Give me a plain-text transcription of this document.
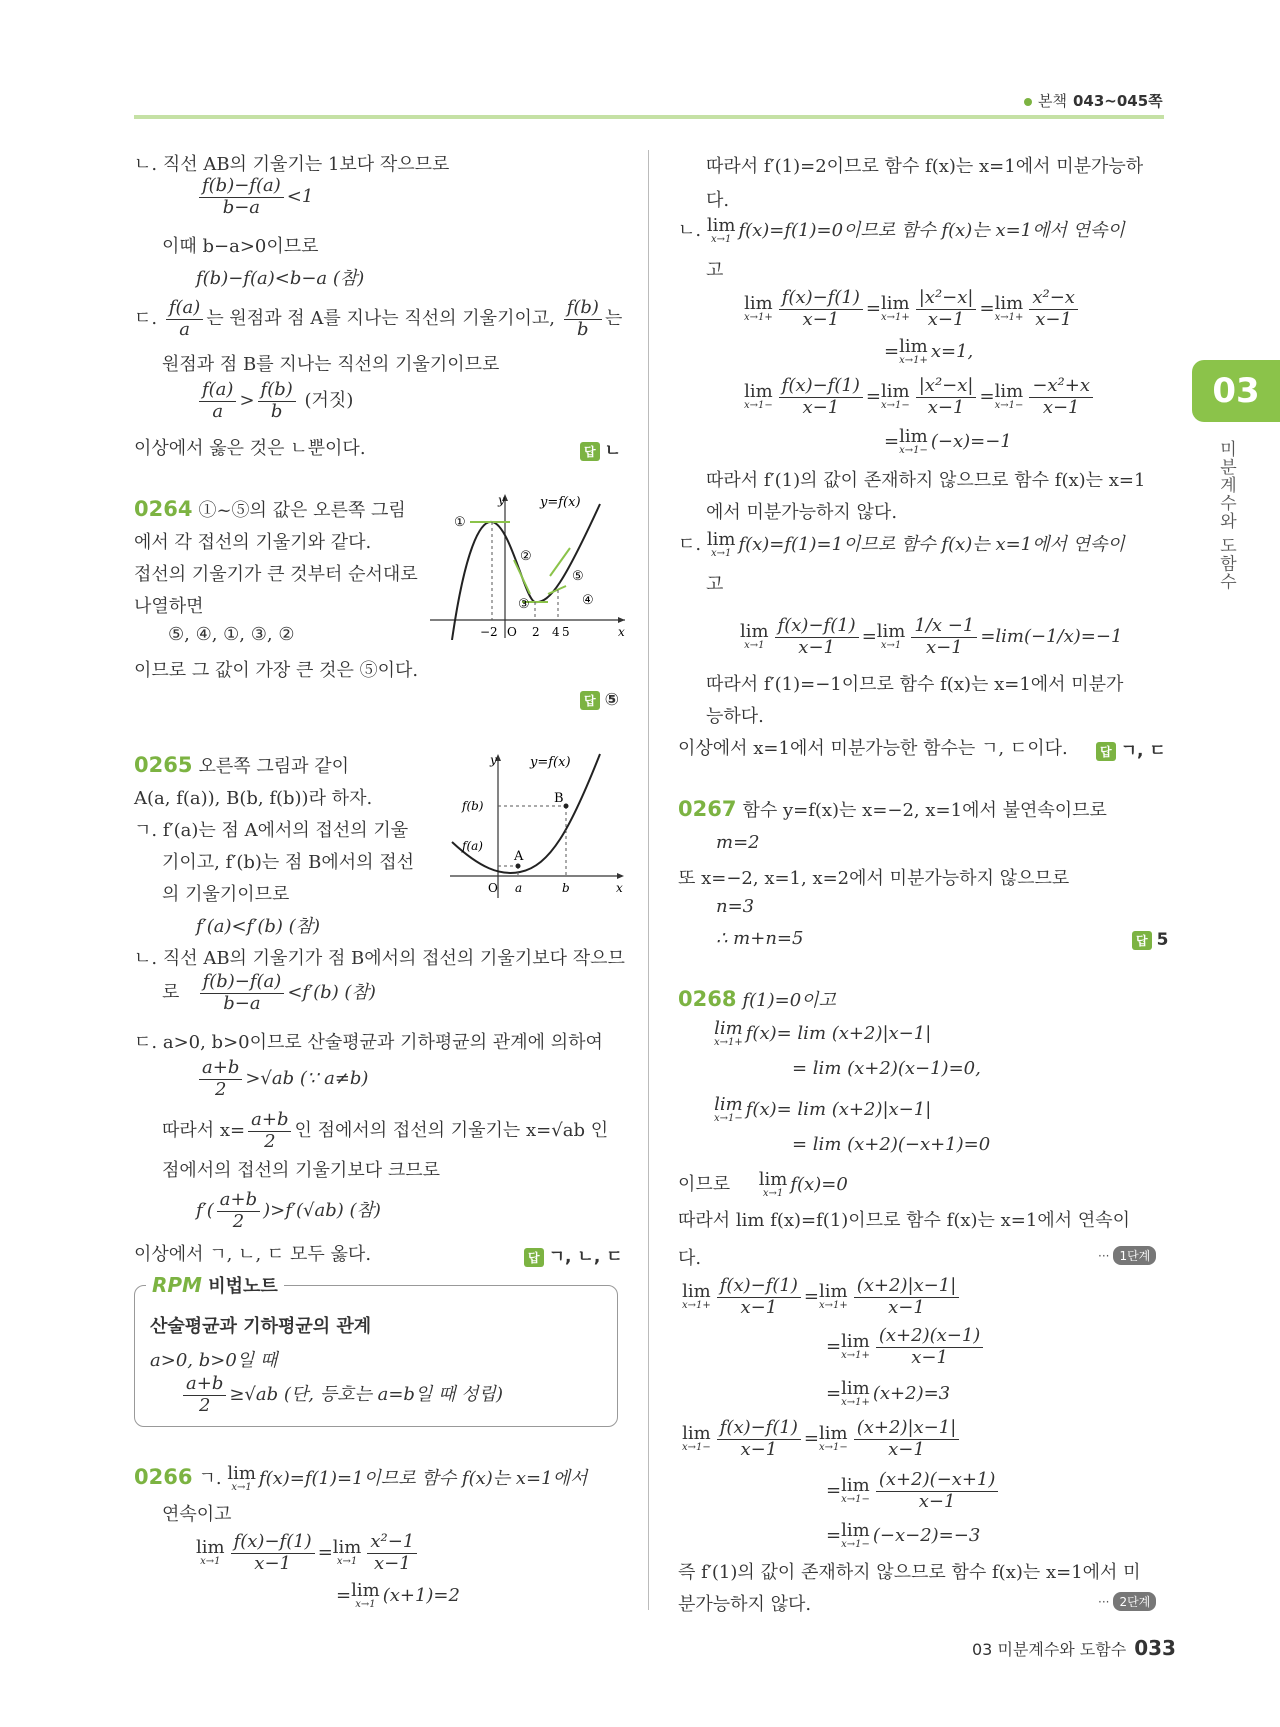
본책 043~045쪽
03
미분계수와 도함수
ㄴ. 직선 AB의 기울기는 1보다 작으므로
$\frac{f(b)-f(a)}{b-a} <1$
이때 b−a>0이므로
f(b)−f(a)<b−a (참)
ㄷ. $\frac{f(a)}{a}$ 는 원점과 점 A를 지나는 직선의 기울기이고, $\frac{f(b)}{b}$ 는
원점과 점 B를 지나는 직선의 기울기이므로
$\frac{f(a)}{a} > \frac{f(b)}{b}$ (거짓)
이상에서 옳은 것은 ㄴ뿐이다.	답 ㄴ
0264 ①~⑤의 값은 오른쪽 그림
에서 각 접선의 기울기와 같다.
접선의 기울기가 큰 것부터 순서대로
나열하면
⑤, ④, ①, ③, ②
이므로 그 값이 가장 큰 것은 ⑤이다.
답 ⑤
y	y=f(x)
x
O
−2	2 4 5
①
②
③	④
⑤
0265 오른쪽 그림과 같이
A(a, f(a)), B(b, f(b))라 하자.
ㄱ. f′(a)는 점 A에서의 접선의 기울
기이고, f′(b)는 점 B에서의 접선
의 기울기이므로
f′(a)<f′(b) (참)
ㄴ. 직선 AB의 기울기가 점 B에서의 접선의 기울기보다 작으므
로 $\frac{f(b)-f(a)}{b-a} <f'(b)$ (참)
ㄷ. a>0, b>0이므로 산술평균과 기하평균의 관계에 의하여
$\frac{a+b}{2} >√ab$ (∵ a≠b)
따라서 $x= \frac{a+b}{2}$ 인 점에서의 접선의 기울기는 x=√ab 인
점에서의 접선의 기울기보다 크므로
$f'( \frac{a+b}{2} )>f'(√ab)$ (참)
이상에서 ㄱ, ㄴ, ㄷ 모두 옳다.	답 ㄱ, ㄴ, ㄷ
y	y=f(x)
x
O
f(b)
f(a)
A
B
a	b
RPM 비법노트
산술평균과 기하평균의 관계
a>0, b>0일 때
$\frac{a+b}{2} \ge√ab$ (단, 등호는 a=b일 때 성립)
0266 ㄱ. lim
x→1 f(x)=f(1)=1이므로 함수 f(x)는 x=1에서
연속이고
lim
$x\to 1 \frac{f(x)-f(1)}{x-1} = \lim$
$x\to 1 \frac{\text{x²−1}}{x-1}$
= lim
x→1 (x+1)=2
따라서 f′(1)=2이므로 함수 f(x)는 x=1에서 미분가능하
다.
ㄴ. lim
x→1 f(x)=f(1)=0이므로 함수 f(x)는 x=1에서 연속이
고
lim
$x\to 1+ \frac{f(x)-f(1)}{x-1} = \lim$
$x\to 1+ \frac{\text{|x²−x|}}{x-1} = \lim$
$x\to 1+ \frac{\text{x²−x}}{x-1}$
= lim
x→1+ x=1,
lim
$x\to 1- \frac{f(x)-f(1)}{x-1} = \lim$
$x\to 1- \frac{\text{|x²−x|}}{x-1} = \lim$
$x\to 1- \frac{\text{−x²+x}}{x-1}$
= lim
x→1− (−x)=−1
따라서 f′(1)의 값이 존재하지 않으므로 함수 f(x)는 x=1
에서 미분가능하지 않다.
ㄷ. lim
x→1 f(x)=f(1)=1이므로 함수 f(x)는 x=1에서 연속이
고
lim
$x\to 1 \frac{f(x)-f(1)}{x-1} = \lim$
$x\to 1 \frac{1/x -1}{x-1} =\lim(-1/x)=-1$
따라서 f′(1)=−1이므로 함수 f(x)는 x=1에서 미분가
능하다.
이상에서 x=1에서 미분가능한 함수는 ㄱ, ㄷ이다.	답 ㄱ, ㄷ
0267 함수 y=f(x)는 x=−2, x=1에서 불연속이므로
m=2
또 x=−2, x=1, x=2에서 미분가능하지 않으므로
n=3
∴ m+n=5	답 5
0268 f(1)=0이고
lim
x→1+ f(x)= lim (x+2)|x−1|
= lim (x+2)(x−1)=0,
lim
x→1− f(x)= lim (x+2)|x−1|
= lim (x+2)(−x+1)=0
이므로 lim
x→1 f(x)=0
따라서 lim f(x)=f(1)이므로 함수 f(x)는 x=1에서 연속이
다.	··· 1단계
lim
$x\to 1+ \frac{f(x)-f(1)}{x-1} = \lim$
$x\to 1+ \frac{(x+2)|x-1|}{x-1}$
= lim
$x\to 1+ \frac{(x+2)(x-1)}{x-1}$
= lim
x→1+ (x+2)=3
lim
$x\to 1- \frac{f(x)-f(1)}{x-1} = \lim$
$x\to 1- \frac{(x+2)|x-1|}{x-1}$
= lim
$x\to 1- \frac{(x+2)(-x+1)}{x-1}$
= lim
x→1− (−x−2)=−3
즉 f′(1)의 값이 존재하지 않으므로 함수 f(x)는 x=1에서 미
분가능하지 않다.	··· 2단계
03 미분계수와 도함수 033
